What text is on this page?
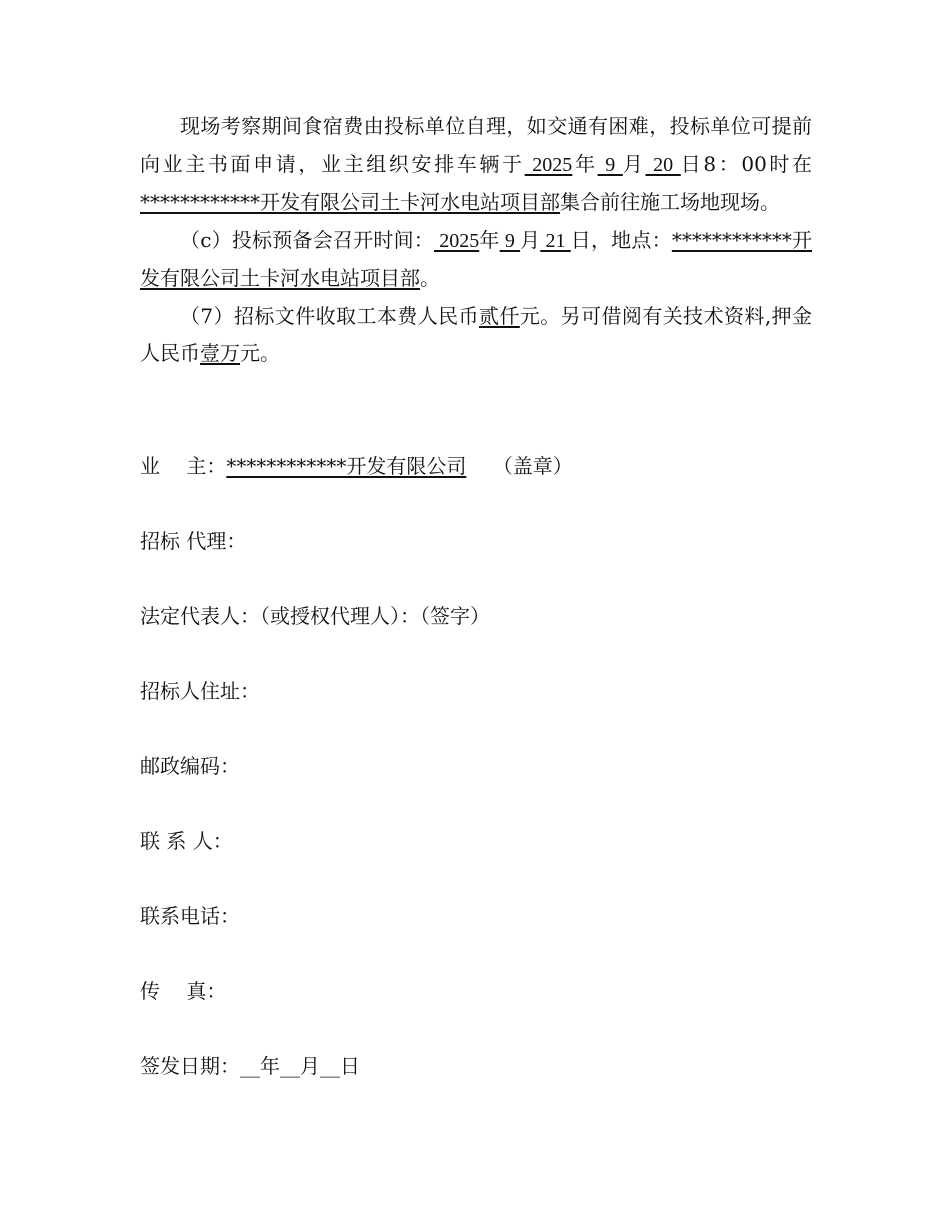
现场考察期间食宿费由投标单位自理，如交通有困难，投标单位可提前向业主书面申请，业主组织安排车辆于 2025年 9 月 20 日8：00时在************开发有限公司土卡河水电站项目部集合前往施工场地现场。

（c）投标预备会召开时间： 2025年 9 月 21 日，地点：************开发有限公司土卡河水电站项目部。

（7）招标文件收取工本费人民币贰仟元。另可借阅有关技术资料,押金人民币壹万元。

业　 主：************开发有限公司　 （盖章）

招标 代理：

法定代表人：（或授权代理人）：（签字）

招标人住址：

邮政编码：

联 系 人：

联系电话：

传　 真：

签发日期：__年__月__日
